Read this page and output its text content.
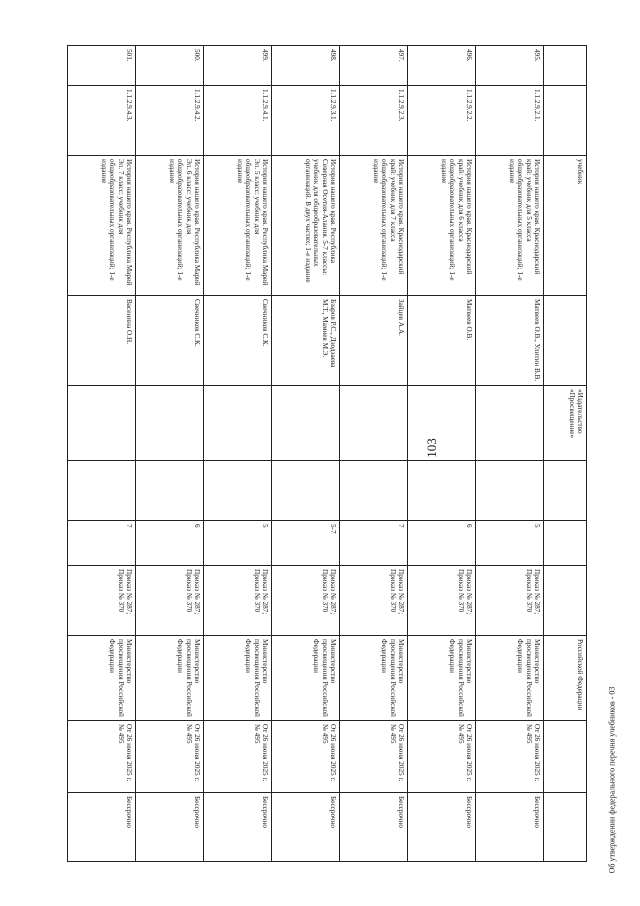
103
		учебник		«Издательство «Просвещение»				Российской Федерации		
495.	1.1.2.9.2.1.	История нашего края. Краснодарский край: учебник для 5 класса общеобразовательных организаций; 1-е издание	Матвеев О.В., Улитин В.В.			5	Приказ № 287; Приказ № 370	Министерство просвещения Российской Федерации	От 26 июня 2025 г. № 495	Бессрочно
496.	1.1.2.9.2.2.	История нашего края. Краснодарский край: учебник для 6 класса общеобразовательных организаций; 1-е издание	Матвеев О.В.			6	Приказ № 287; Приказ № 370	Министерство просвещения Российской Федерации	От 26 июня 2025 г. № 495	Бессрочно
497.	1.1.2.9.2.3.	История нашего края. Краснодарский край: учебник для 7 класса общеобразовательных организаций; 1-е издание	Зайцев А.А.			7	Приказ № 287; Приказ № 370	Министерство просвещения Российской Федерации	От 26 июня 2025 г. № 495	Бессрочно
498.	1.1.2.9.3.1.	История нашего края. Республика Северная Осетия-Алания. 5-7 классы: учебник для общеобразовательных организаций. В двух частях; 1-е издание	Бзаров Р.С., Дзодзаева М.Т., Мамиев М.Э.			5-7	Приказ № 287; Приказ № 370	Министерство просвещения Российской Федерации	От 26 июня 2025 г. № 495	Бессрочно
499.	1.1.2.9.4.1.	История нашего края. Республика Марий Эл. 5 класс: учебник для общеобразовательных организаций; 1-е издание	Свечников С.К.			5	Приказ № 287; Приказ № 370	Министерство просвещения Российской Федерации	От 26 июня 2025 г. № 495	Бессрочно
500.	1.1.2.9.4.2.	История нашего края. Республика Марий Эл. 6 класс: учебник для общеобразовательных организаций; 1-е издание	Свечников С.К.			6	Приказ № 287; Приказ № 370	Министерство просвещения Российской Федерации	От 26 июня 2025 г. № 495	Бессрочно
501.	1.1.2.9.4.3.	История нашего края. Республика Марий Эл. 7 класс: учебник для общеобразовательных организаций; 1-е издание	Васенина О.Н.			7	Приказ № 287; Приказ № 370	Министерство просвещения Российской Федерации	От 26 июня 2025 г. № 495	Бессрочно	Об утверждении федерального перечня учебников - 03
